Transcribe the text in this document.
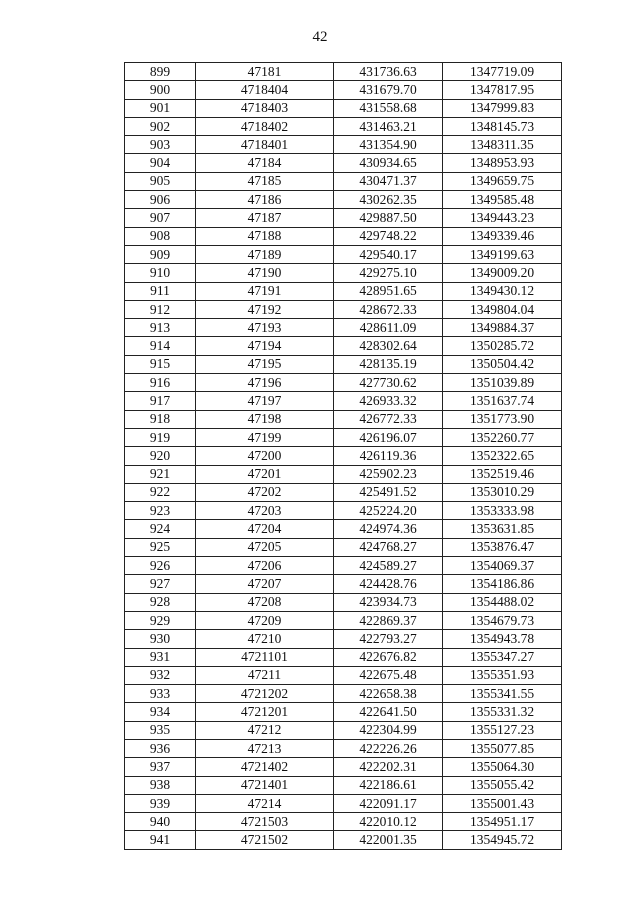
42
899	47181	431736.63	1347719.09
900	4718404	431679.70	1347817.95
901	4718403	431558.68	1347999.83
902	4718402	431463.21	1348145.73
903	4718401	431354.90	1348311.35
904	47184	430934.65	1348953.93
905	47185	430471.37	1349659.75
906	47186	430262.35	1349585.48
907	47187	429887.50	1349443.23
908	47188	429748.22	1349339.46
909	47189	429540.17	1349199.63
910	47190	429275.10	1349009.20
911	47191	428951.65	1349430.12
912	47192	428672.33	1349804.04
913	47193	428611.09	1349884.37
914	47194	428302.64	1350285.72
915	47195	428135.19	1350504.42
916	47196	427730.62	1351039.89
917	47197	426933.32	1351637.74
918	47198	426772.33	1351773.90
919	47199	426196.07	1352260.77
920	47200	426119.36	1352322.65
921	47201	425902.23	1352519.46
922	47202	425491.52	1353010.29
923	47203	425224.20	1353333.98
924	47204	424974.36	1353631.85
925	47205	424768.27	1353876.47
926	47206	424589.27	1354069.37
927	47207	424428.76	1354186.86
928	47208	423934.73	1354488.02
929	47209	422869.37	1354679.73
930	47210	422793.27	1354943.78
931	4721101	422676.82	1355347.27
932	47211	422675.48	1355351.93
933	4721202	422658.38	1355341.55
934	4721201	422641.50	1355331.32
935	47212	422304.99	1355127.23
936	47213	422226.26	1355077.85
937	4721402	422202.31	1355064.30
938	4721401	422186.61	1355055.42
939	47214	422091.17	1355001.43
940	4721503	422010.12	1354951.17
941	4721502	422001.35	1354945.72
